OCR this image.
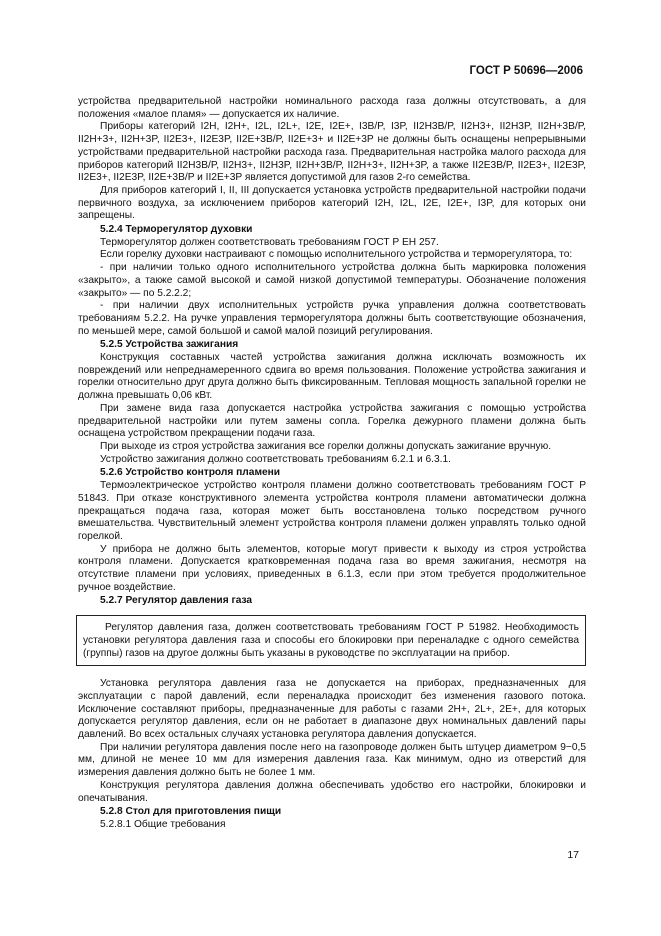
ГОСТ Р 50696—2006

устройства предварительной настройки номинального расхода газа должны отсутствовать, а для положения «малое пламя» — допускается их наличие.

Приборы категорий I2H, I2H+, I2L, I2L+, I2E, I2E+, I3B/P, I3P, II2H3B/P, II2H3+, II2H3P, II2H+3B/P, II2H+3+, II2H+3P, II2E3+, II2E3P, II2E+3B/P, II2E+3+ и II2E+3P не должны быть оснащены непрерывными устройствами предварительной настройки расхода газа. Предварительная настройка малого расхода для приборов категорий II2H3B/P, II2H3+, II2H3P, II2H+3B/P, II2H+3+, II2H+3P, а также II2E3B/P, II2E3+, II2E3P, II2E3+, II2E3P, II2E+3B/P и II2E+3P является допустимой для газов 2-го семейства.

Для приборов категорий I, II, III допускается установка устройств предварительной настройки подачи первичного воздуха, за исключением приборов категорий I2H, I2L, I2E, I2E+, I3P, для которых они запрещены.

5.2.4 Терморегулятор духовки

Терморегулятор должен соответствовать требованиям ГОСТ Р ЕН 257.

Если горелку духовки настраивают с помощью исполнительного устройства и терморегулятора, то:

- при наличии только одного исполнительного устройства должна быть маркировка положения «закрыто», а также самой высокой и самой низкой допустимой температуры. Обозначение положения «закрыто» — по 5.2.2.2;

- при наличии двух исполнительных устройств ручка управления должна соответствовать требованиям 5.2.2. На ручке управления терморегулятора должны быть соответствующие обозначения, по меньшей мере, самой большой и самой малой позиций регулирования.

5.2.5 Устройства зажигания

Конструкция составных частей устройства зажигания должна исключать возможность их повреждений или непреднамеренного сдвига во время пользования. Положение устройства зажигания и горелки относительно друг друга должно быть фиксированным. Тепловая мощность запальной горелки не должна превышать 0,06 кВт.

При замене вида газа допускается настройка устройства зажигания с помощью устройства предварительной настройки или путем замены сопла. Горелка дежурного пламени должна быть оснащена устройством прекращении подачи газа.

При выходе из строя устройства зажигания все горелки должны допускать зажигание вручную.

Устройство зажигания должно соответствовать требованиям 6.2.1 и 6.3.1.

5.2.6 Устройство контроля пламени

Термоэлектрическое устройство контроля пламени должно соответствовать требованиям ГОСТ Р 51843. При отказе конструктивного элемента устройства контроля пламени автоматически должна прекращаться подача газа, которая может быть восстановлена только посредством ручного вмешательства. Чувствительный элемент устройства контроля пламени должен управлять только одной горелкой.

У прибора не должно быть элементов, которые могут привести к выходу из строя устройства контроля пламени. Допускается кратковременная подача газа во время зажигания, несмотря на отсутствие пламени при условиях, приведенных в 6.1.3, если при этом требуется продолжительное ручное воздействие.

5.2.7 Регулятор давления газа

Регулятор давления газа, должен соответствовать требованиям ГОСТ Р 51982. Необходимость установки регулятора давления газа и способы его блокировки при переналадке с одного семейства (группы) газов на другое должны быть указаны в руководстве по эксплуатации на прибор.

Установка регулятора давления газа не допускается на приборах, предназначенных для эксплуатации с парой давлений, если переналадка происходит без изменения газового потока. Исключение составляют приборы, предназначенные для работы с газами 2H+, 2L+, 2E+, для которых допускается регулятор давления, если он не работает в диапазоне двух номинальных давлений пары давлений. Во всех остальных случаях установка регулятора давления допускается.

При наличии регулятора давления после него на газопроводе должен быть штуцер диаметром 9−0,5 мм, длиной не менее 10 мм для измерения давления газа. Как минимум, одно из отверстий для измерения давления должно быть не более 1 мм.

Конструкция регулятора давления должна обеспечивать удобство его настройки, блокировки и опечатывания.

5.2.8 Стол для приготовления пищи

5.2.8.1 Общие требования

17
